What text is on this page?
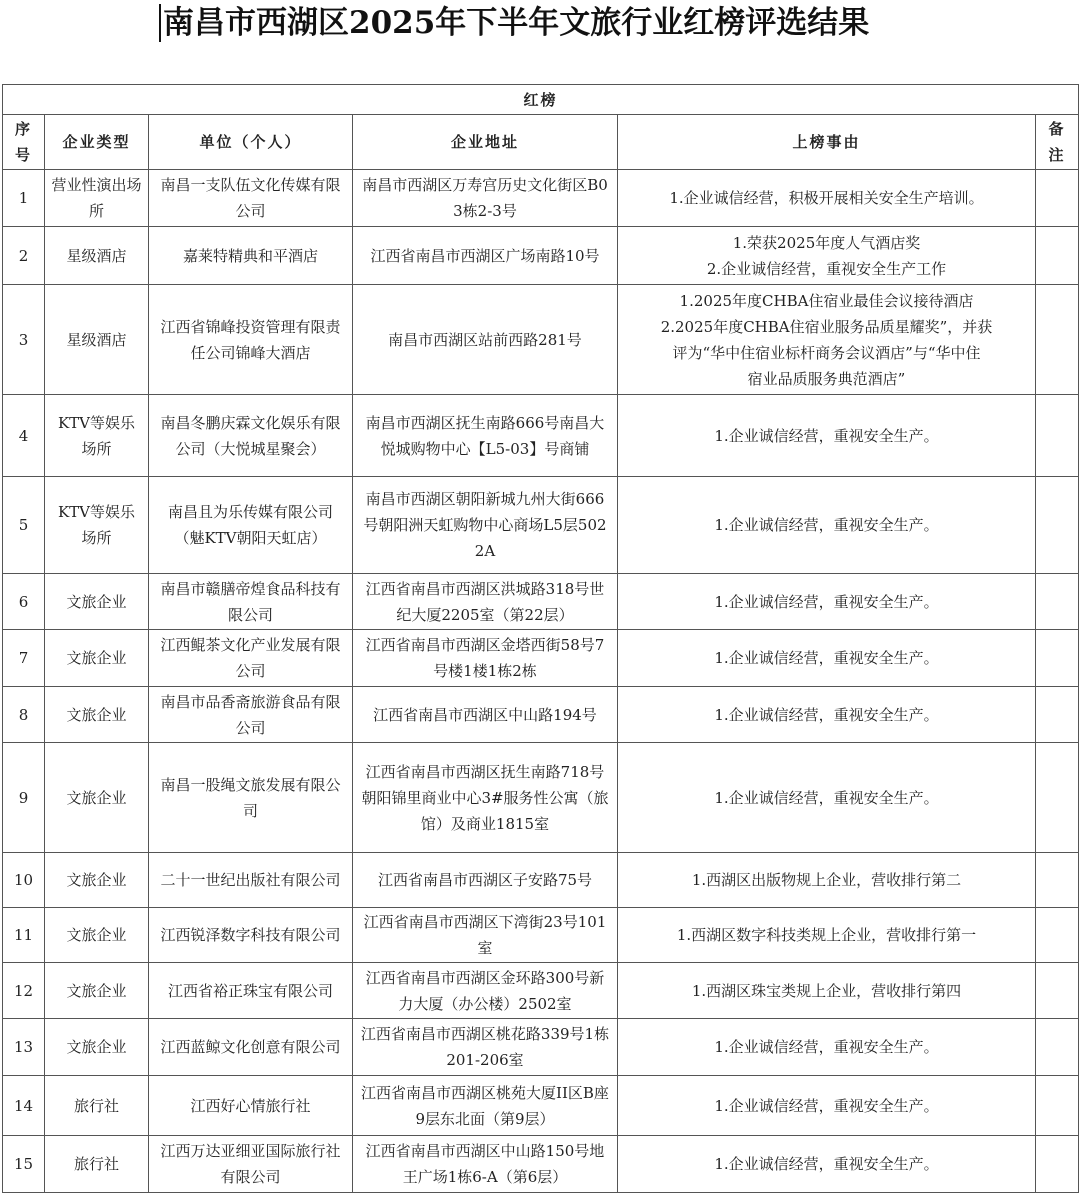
南昌市西湖区2025年下半年文旅行业红榜评选结果
红榜					
序号	企业类型	单位（个人）	企业地址	上榜事由	备注
1	营业性演出场所	南昌一支队伍文化传媒有限公司	南昌市西湖区万寿宫历史文化街区B03栋2-3号	1.企业诚信经营，积极开展相关安全生产培训。	

2	星级酒店	嘉莱特精典和平酒店	江西省南昌市西湖区广场南路10号	1.荣获2025年度人气酒店奖
2.企业诚信经营，重视安全生产工作	

3	星级酒店	江西省锦峰投资管理有限责任公司锦峰大酒店	南昌市西湖区站前西路281号	1.2025年度CHBA住宿业最佳会议接待酒店
2.2025年度CHBA住宿业服务品质星耀奖”，并获
评为“华中住宿业标杆商务会议酒店”与“华中住
宿业品质服务典范酒店”	

4	KTV等娱乐场所	南昌冬鹏庆霖文化娱乐有限公司（大悦城星聚会）	南昌市西湖区抚生南路666号南昌大悦城购物中心【L5-03】号商铺	1.企业诚信经营，重视安全生产。	

5	KTV等娱乐场所	南昌且为乐传媒有限公司（魅KTV朝阳天虹店）	南昌市西湖区朝阳新城九州大街666号朝阳洲天虹购物中心商场L5层5022A	1.企业诚信经营，重视安全生产。	

6	文旅企业	南昌市赣膳帝煌食品科技有限公司	江西省南昌市西湖区洪城路318号世纪大厦2205室（第22层）	1.企业诚信经营，重视安全生产。	

7	文旅企业	江西鲲茶文化产业发展有限公司	江西省南昌市西湖区金塔西街58号7号楼1楼1栋2栋	1.企业诚信经营，重视安全生产。	

8	文旅企业	南昌市品香斋旅游食品有限公司	江西省南昌市西湖区中山路194号	1.企业诚信经营，重视安全生产。	

9	文旅企业	南昌一股绳文旅发展有限公司	江西省南昌市西湖区抚生南路718号朝阳锦里商业中心3#服务性公寓（旅馆）及商业1815室	1.企业诚信经营，重视安全生产。	

10	文旅企业	二十一世纪出版社有限公司	江西省南昌市西湖区子安路75号	1.西湖区出版物规上企业，营收排行第二	

11	文旅企业	江西锐泽数字科技有限公司	江西省南昌市西湖区下湾街23号101室	1.西湖区数字科技类规上企业，营收排行第一	

12	文旅企业	江西省裕正珠宝有限公司	江西省南昌市西湖区金环路300号新力大厦（办公楼）2502室	1.西湖区珠宝类规上企业，营收排行第四	

13	文旅企业	江西蓝鲸文化创意有限公司	江西省南昌市西湖区桃花路339号1栋201-206室	1.企业诚信经营，重视安全生产。	

14	旅行社	江西好心情旅行社	江西省南昌市西湖区桃苑大厦II区B座9层东北面（第9层）	1.企业诚信经营，重视安全生产。	

15	旅行社	江西万达亚细亚国际旅行社有限公司	江西省南昌市西湖区中山路150号地王广场1栋6-A（第6层）	1.企业诚信经营，重视安全生产。	
